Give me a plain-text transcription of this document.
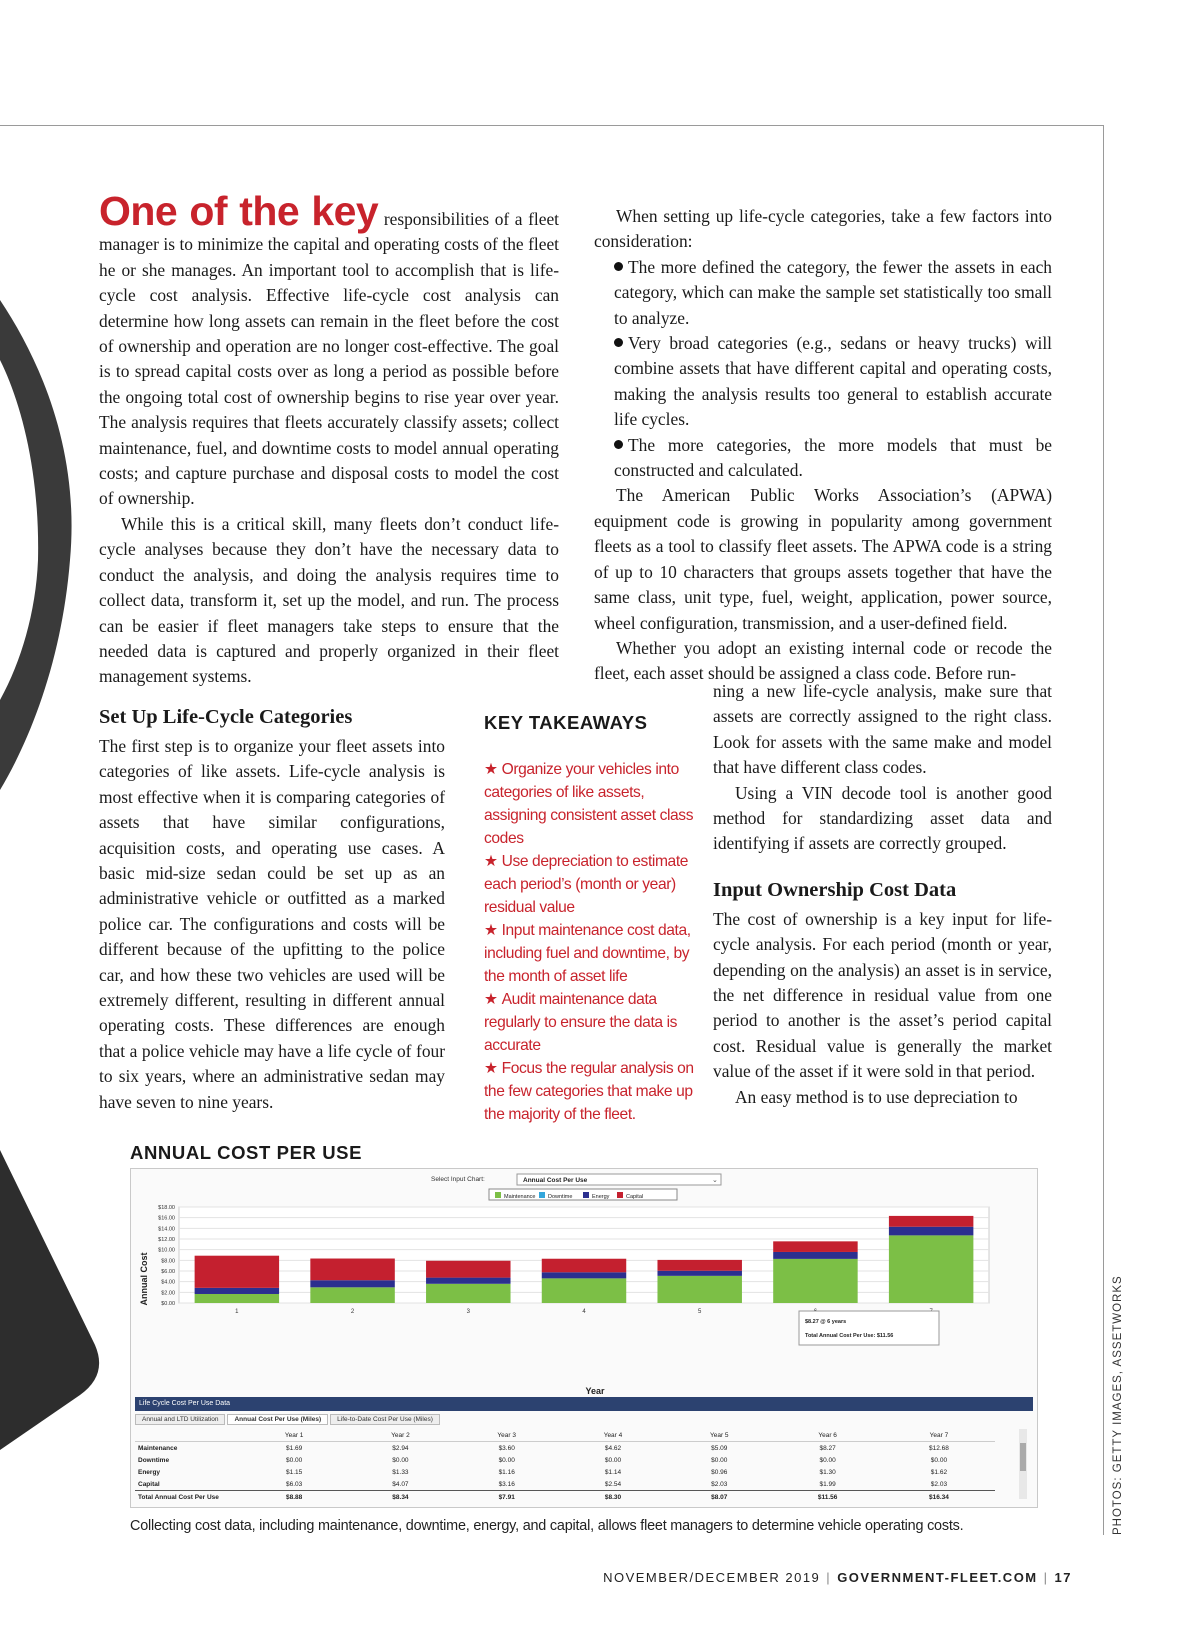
One of the key responsibilities of a fleet manager is to minimize the capital and operating costs of the fleet he or she manages. An important tool to accomplish that is life-cycle cost analysis. Effective life-cycle cost analysis can determine how long assets can remain in the fleet before the cost of ownership and operation are no longer cost-effective. The goal is to spread capital costs over as long a period as possible before the ongoing total cost of ownership begins to rise year over year. The analysis requires that fleets accurately classify assets; collect maintenance, fuel, and downtime costs to model annual operating costs; and capture purchase and disposal costs to model the cost of ownership.

While this is a critical skill, many fleets don’t conduct life-cycle analyses because they don’t have the necessary data to conduct the analysis, and doing the analysis requires time to collect data, transform it, set up the model, and run. The process can be easier if fleet managers take steps to ensure that the needed data is captured and properly organized in their fleet management systems.

Set Up Life-Cycle Categories

The first step is to organize your fleet assets into categories of like assets. Life-cycle analysis is most effective when it is comparing categories of assets that have similar configurations, acquisition costs, and operating use cases. A basic mid-size sedan could be set up as an administrative vehicle or outfitted as a marked police car. The configurations and costs will be different because of the upfitting to the police car, and how these two vehicles are used will be extremely different, resulting in different annual operating costs. These differences are enough that a police vehicle may have a life cycle of four to six years, where an administrative sedan may have seven to nine years.

KEY TAKEAWAYS

★ Organize your vehicles into categories of like assets, assigning consistent asset class codes

★ Use depreciation to estimate each period’s (month or year) residual value

★ Input maintenance cost data, including fuel and downtime, by the month of asset life

★ Audit maintenance data regularly to ensure the data is accurate

★ Focus the regular analysis on the few categories that make up the majority of the fleet.

When setting up life-cycle categories, take a few factors into consideration:

The more defined the category, the fewer the assets in each category, which can make the sample set statistically too small to analyze.

Very broad categories (e.g., sedans or heavy trucks) will combine assets that have different capital and operating costs, making the analysis results too general to establish accurate life cycles.

The more categories, the more models that must be constructed and calculated.

The American Public Works Association’s (APWA) equipment code is growing in popularity among government fleets as a tool to classify fleet assets. The APWA code is a string of up to 10 characters that groups assets together that have the same class, unit type, fuel, weight, application, power source, wheel configuration, transmission, and a user-defined field.

Whether you adopt an existing internal code or recode the fleet, each asset should be assigned a class code. Before run-

ning a new life-cycle analysis, make sure that assets are correctly assigned to the right class. Look for assets with the same make and model that have different class codes.

Using a VIN decode tool is another good method for standardizing asset data and identifying if assets are correctly grouped.

Input Ownership Cost Data

The cost of ownership is a key input for life-cycle analysis. For each period (month or year, depending on the analysis) an asset is in service, the net difference in residual value from one period to another is the asset’s period capital cost. Residual value is generally the market value of the asset if it were sold in that period.

An easy method is to use depreciation to

ANNUAL COST PER USE
Select Input Chart:	Annual Cost Per Use	⌄
Maintenance Downtime	Energy	Capital
$0.00
$2.00
$4.00
$6.00
$8.00
$10.00
$12.00
$14.00
$16.00
$18.00
1	2	3	4	5
Annual Cost
Year
$8.27 @ 6 years
Total Annual Cost Per Use: $11.56
Life Cycle Cost Per Use Data
Annual and LTD Utilization Annual Cost Per Use (Miles) Life-to-Date Cost Per Use (Miles)
	Year 1	Year 2	Year 3	Year 4	Year 5	Year 6	Year 7
Maintenance	$1.69	$2.94	$3.60	$4.62	$5.09	$8.27	$12.68
Downtime	$0.00	$0.00	$0.00	$0.00	$0.00	$0.00	$0.00
Energy	$1.15	$1.33	$1.16	$1.14	$0.96	$1.30	$1.62
Capital	$6.03	$4.07	$3.16	$2.54	$2.03	$1.99	$2.03
Total Annual Cost Per Use	$8.88	$8.34	$7.91	$8.30	$8.07	$11.56	$16.34
Collecting cost data, including maintenance, downtime, energy, and capital, allows fleet managers to determine vehicle operating costs.	PHOTOS: GETTY IMAGES, ASSETWORKS
NOVEMBER/DECEMBER 2019 | GOVERNMENT-FLEET.COM | 17
